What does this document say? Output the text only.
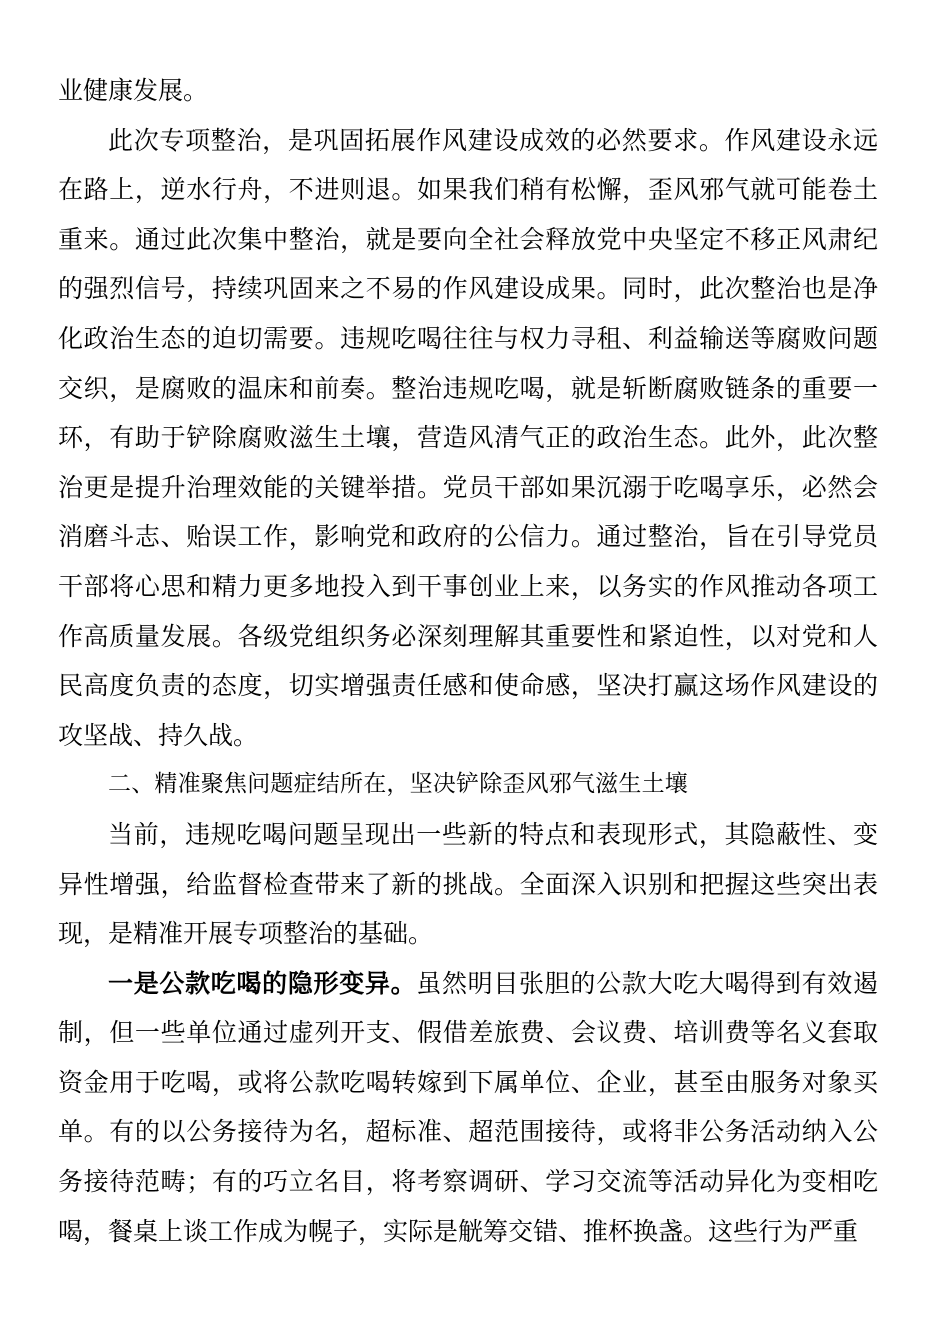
业健康发展。

此次专项整治，是巩固拓展作风建设成效的必然要求。作风建设永远在路上，逆水行舟，不进则退。如果我们稍有松懈，歪风邪气就可能卷土重来。通过此次集中整治，就是要向全社会释放党中央坚定不移正风肃纪的强烈信号，持续巩固来之不易的作风建设成果。同时，此次整治也是净化政治生态的迫切需要。违规吃喝往往与权力寻租、利益输送等腐败问题交织，是腐败的温床和前奏。整治违规吃喝，就是斩断腐败链条的重要一环，有助于铲除腐败滋生土壤，营造风清气正的政治生态。此外，此次整治更是提升治理效能的关键举措。党员干部如果沉溺于吃喝享乐，必然会消磨斗志、贻误工作，影响党和政府的公信力。通过整治，旨在引导党员干部将心思和精力更多地投入到干事创业上来，以务实的作风推动各项工作高质量发展。各级党组织务必深刻理解其重要性和紧迫性，以对党和人民高度负责的态度，切实增强责任感和使命感，坚决打赢这场作风建设的攻坚战、持久战。

二、精准聚焦问题症结所在，坚决铲除歪风邪气滋生土壤

当前，违规吃喝问题呈现出一些新的特点和表现形式，其隐蔽性、变异性增强，给监督检查带来了新的挑战。全面深入识别和把握这些突出表现，是精准开展专项整治的基础。

一是公款吃喝的隐形变异。虽然明目张胆的公款大吃大喝得到有效遏制，但一些单位通过虚列开支、假借差旅费、会议费、培训费等名义套取资金用于吃喝，或将公款吃喝转嫁到下属单位、企业，甚至由服务对象买单。有的以公务接待为名，超标准、超范围接待，或将非公务活动纳入公务接待范畴；有的巧立名目，将考察调研、学习交流等活动异化为变相吃喝，餐桌上谈工作成为幌子，实际是觥筹交错、推杯换盏。这些行为严重
